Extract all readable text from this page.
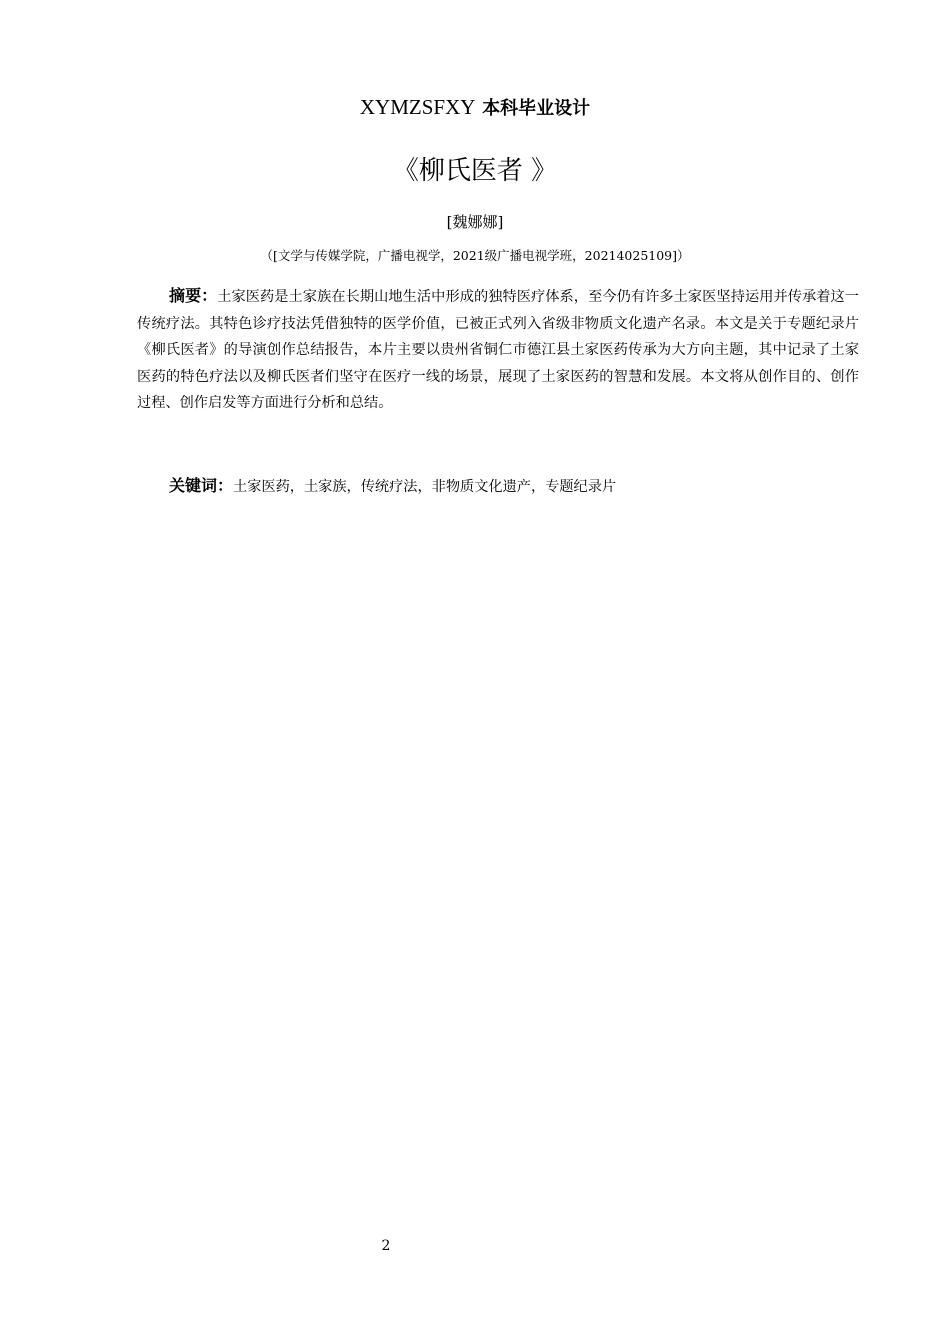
XYMZSFXY 本科毕业设计
《柳氏医者 》
[魏娜娜]
（[文学与传媒学院，广播电视学，2021级广播电视学班，20214025109]）

摘要：土家医药是土家族在长期山地生活中形成的独特医疗体系，至今仍有许多土家医坚持运用并传承着这一传统疗法。其特色诊疗技法凭借独特的医学价值，已被正式列入省级非物质文化遗产名录。本文是关于专题纪录片《柳氏医者》的导演创作总结报告，本片主要以贵州省铜仁市德江县土家医药传承为大方向主题，其中记录了土家医药的特色疗法以及柳氏医者们坚守在医疗一线的场景，展现了土家医药的智慧和发展。本文将从创作目的、创作过程、创作启发等方面进行分析和总结。

关键词：土家医药，土家族，传统疗法，非物质文化遗产，专题纪录片

2
